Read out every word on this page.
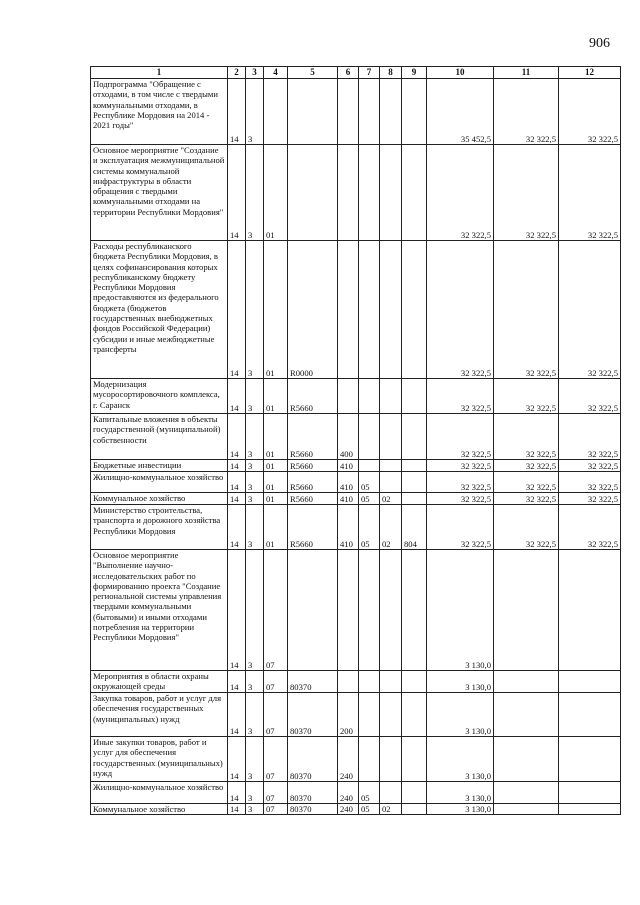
906
1	2	3	4	5	6	7	8	9	10	11	12
Подпрограмма "Обращение с отходами, в том числе с твердыми коммунальными отходами, в Республике Мордовия на 2014 - 2021 годы"	14	3							35 452,5	32 322,5	32 322,5
Основное мероприятие "Создание и эксплуатация межмуниципальной системы коммунальной инфраструктуры в области обращения с твердыми коммунальными отходами на территории Республики Мордовия"	14	3	01						32 322,5	32 322,5	32 322,5
Расходы республиканского бюджета Республики Мордовия, в целях софинансирования которых республиканскому бюджету Республики Мордовия предоставляются из федерального бюджета (бюджетов государственных внебюджетных фондов Российской Федерации) субсидии и иные межбюджетные трансферты	14	3	01	R0000					32 322,5	32 322,5	32 322,5
Модернизация мусоросортировочного комплекса, г. Саранск	14	3	01	R5660					32 322,5	32 322,5	32 322,5
Капитальные вложения в объекты государственной (муниципальной) собственности	14	3	01	R5660	400				32 322,5	32 322,5	32 322,5
Бюджетные инвестиции	14	3	01	R5660	410				32 322,5	32 322,5	32 322,5
Жилищно-коммунальное хозяйство	14	3	01	R5660	410	05			32 322,5	32 322,5	32 322,5
Коммунальное хозяйство	14	3	01	R5660	410	05	02		32 322,5	32 322,5	32 322,5
Министерство строительства, транспорта и дорожного хозяйства Республики Мордовия	14	3	01	R5660	410	05	02	804	32 322,5	32 322,5	32 322,5
Основное мероприятие "Выполнение научно-исследовательских работ по формированию проекта "Создание региональной системы управления твердыми коммунальными (бытовыми) и иными отходами потребления на территории Республики Мордовия"	14	3	07						3 130,0		
Мероприятия в области охраны окружающей среды	14	3	07	80370					3 130,0		
Закупка товаров, работ и услуг для обеспечения государственных (муниципальных) нужд	14	3	07	80370	200				3 130,0		
Иные закупки товаров, работ и услуг для обеспечения государственных (муниципальных) нужд	14	3	07	80370	240				3 130,0		
Жилищно-коммунальное хозяйство	14	3	07	80370	240	05			3 130,0		
Коммунальное хозяйство	14	3	07	80370	240	05	02		3 130,0		
